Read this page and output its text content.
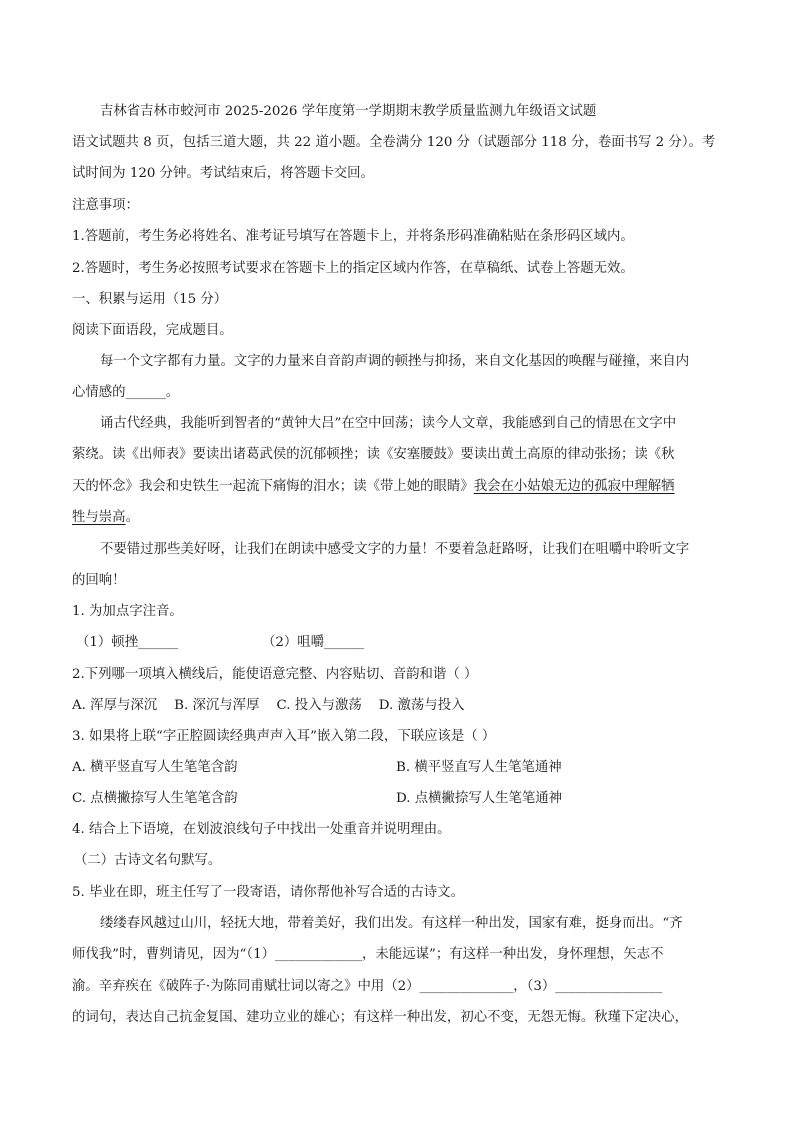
吉林省吉林市蛟河市 2025-2026 学年度第一学期期末教学质量监测九年级语文试题
语文试题共 8 页，包括三道大题，共 22 道小题。全卷满分 120 分（试题部分 118 分，卷面书写 2 分）。考
试时间为 120 分钟。考试结束后，将答题卡交回。
注意事项：
1.答题前，考生务必将姓名、准考证号填写在答题卡上，并将条形码准确粘贴在条形码区域内。
2.答题时，考生务必按照考试要求在答题卡上的指定区域内作答，在草稿纸、试卷上答题无效。
一、积累与运用（15 分）
阅读下面语段，完成题目。
每一个文字都有力量。文字的力量来自音韵声调的顿挫与抑扬，来自文化基因的唤醒与碰撞，来自内
心情感的______。
诵古代经典，我能听到智者的“黄钟大吕”在空中回荡；读今人文章，我能感到自己的情思在文字中
萦绕。读《出师表》要读出诸葛武侯的沉郁顿挫；读《安塞腰鼓》要读出黄土高原的律动张扬；读《秋
天的怀念》我会和史铁生一起流下痛悔的泪水；读《带上她的眼睛》我会在小姑娘无边的孤寂中理解牺
牲与崇高。
不要错过那些美好呀，让我们在朗读中感受文字的力量！不要着急赶路呀，让我们在咀嚼中聆听文字
的回响！
1. 为加点字注音。
（1）顿挫______	（2）咀嚼______
2.下列哪一项填入横线后，能使语意完整、内容贴切、音韵和谐（ ）
A. 浑厚与深沉    B. 深沉与浑厚    C. 投入与激荡    D. 激荡与投入
3. 如果将上联“字正腔圆读经典声声入耳”嵌入第二段，下联应该是（ ）
A. 横平竖直写人生笔笔含韵	B. 横平竖直写人生笔笔通神
C. 点横撇捺写人生笔笔含韵	D. 点横撇捺写人生笔笔通神
4. 结合上下语境，在划波浪线句子中找出一处重音并说明理由。
（二）古诗文名句默写。
5. 毕业在即，班主任写了一段寄语，请你帮他补写合适的古诗文。
缕缕春风越过山川，轻抚大地，带着美好，我们出发。有这样一种出发，国家有难，挺身而出。“齐
师伐我”时，曹刿请见，因为“（1）_____________，未能远谋”；有这样一种出发，身怀理想，矢志不
渝。辛弃疾在《破阵子·为陈同甫赋壮词以寄之》中用（2）______________，（3）________________
的词句，表达自己抗金复国、建功立业的雄心；有这样一种出发，初心不变，无怨无悔。秋瑾下定决心，
